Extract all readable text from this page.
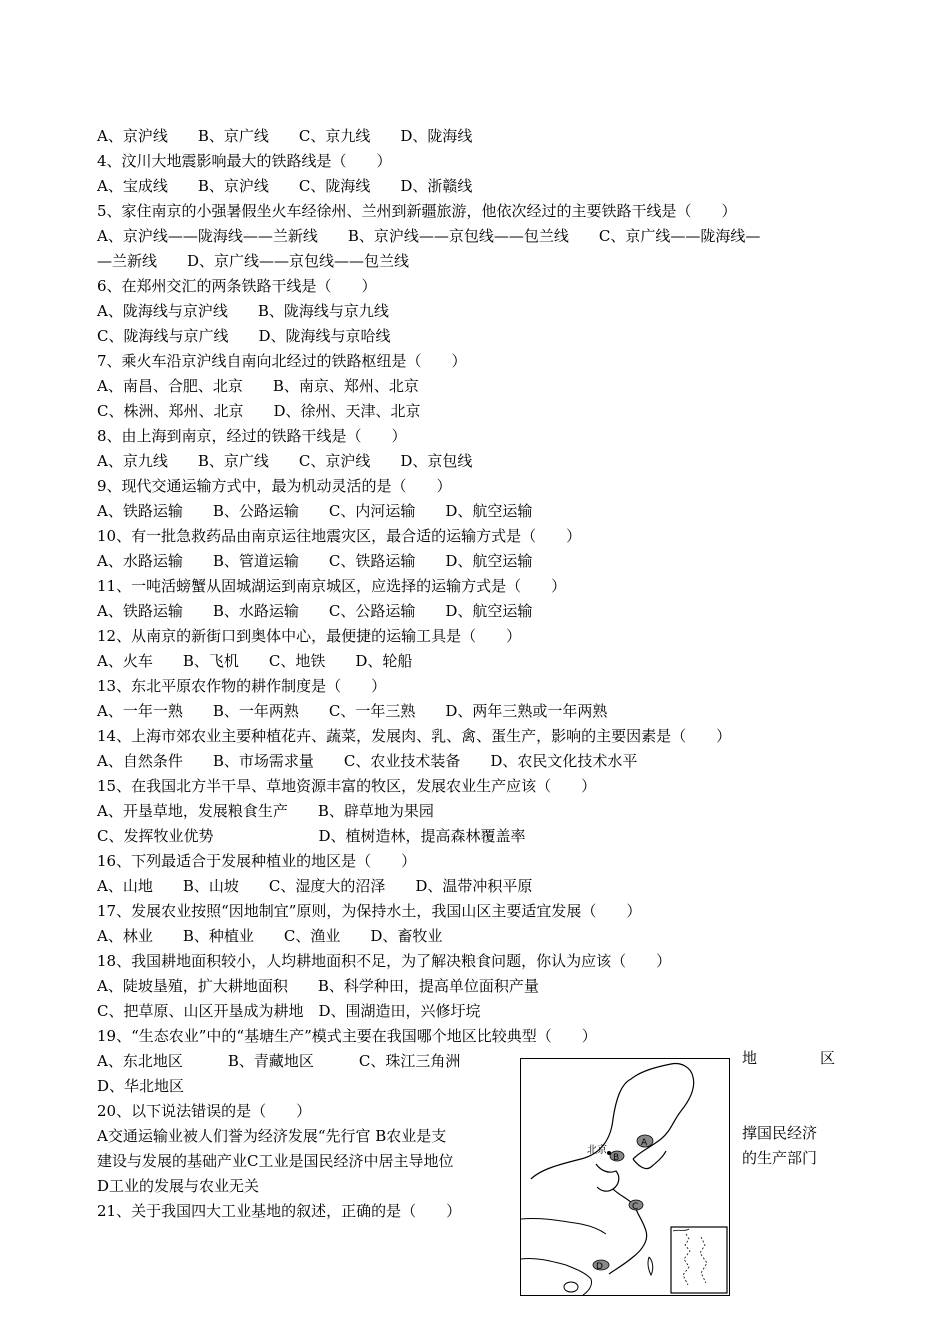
A、京沪线　　B、京广线　　C、京九线　　D、陇海线
4、汶川大地震影响最大的铁路线是（　　）
A、宝成线　　B、京沪线　　C、陇海线　　D、浙赣线
5、家住南京的小强暑假坐火车经徐州、兰州到新疆旅游，他依次经过的主要铁路干线是（　　）
A、京沪线——陇海线——兰新线　　B、京沪线——京包线——包兰线　　C、京广线——陇海线—
—兰新线　　D、京广线——京包线——包兰线
6、在郑州交汇的两条铁路干线是（　　）
A、陇海线与京沪线　　B、陇海线与京九线
C、陇海线与京广线　　D、陇海线与京哈线
7、乘火车沿京沪线自南向北经过的铁路枢纽是（　　）
A、南昌、合肥、北京　　B、南京、郑州、北京
C、株洲、郑州、北京　　D、徐州、天津、北京
8、由上海到南京，经过的铁路干线是（　　）
A、京九线　　B、京广线　　C、京沪线　　D、京包线
9、现代交通运输方式中，最为机动灵活的是（　　）
A、铁路运输　　B、公路运输　　C、内河运输　　D、航空运输
10、有一批急救药品由南京运往地震灾区，最合适的运输方式是（　　）
A、水路运输　　B、管道运输　　C、铁路运输　　D、航空运输
11、一吨活螃蟹从固城湖运到南京城区，应选择的运输方式是（　　）
A、铁路运输　　B、水路运输　　C、公路运输　　D、航空运输
12、从南京的新街口到奥体中心，最便捷的运输工具是（　　）
A、火车　　B、飞机　　C、地铁　　D、轮船
13、东北平原农作物的耕作制度是（　　）
A、一年一熟　　B、一年两熟　　C、一年三熟　　D、两年三熟或一年两熟
14、上海市郊农业主要种植花卉、蔬菜，发展肉、乳、禽、蛋生产，影响的主要因素是（　　）
A、自然条件　　B、市场需求量　　C、农业技术装备　　D、农民文化技术水平
15、在我国北方半干旱、草地资源丰富的牧区，发展农业生产应该（　　）
A、开垦草地，发展粮食生产　　B、辟草地为果园
C、发挥牧业优势　　　　　　　D、植树造林，提高森林覆盖率
16、下列最适合于发展种植业的地区是（　　）
A、山地　　B、山坡　　C、湿度大的沼泽　　D、温带冲积平原
17、发展农业按照“因地制宜”原则，为保持水土，我国山区主要适宜发展（　　）
A、林业　　B、种植业　　C、渔业　　D、畜牧业
18、我国耕地面积较小，人均耕地面积不足，为了解决粮食问题，你认为应该（　　）
A、陡坡垦殖，扩大耕地面积　　B、科学种田，提高单位面积产量
C、把草原、山区开垦成为耕地　D、围湖造田，兴修圩垸
19、“生态农业”中的“基塘生产”模式主要在我国哪个地区比较典型（　　）
A、东北地区　　　B、青藏地区　　　C、珠江三角洲
D、华北地区
20、以下说法错误的是（　　）
A交通运输业被人们誉为经济发展“先行官 B农业是支
建设与发展的基础产业C工业是国民经济中居主导地位
D工业的发展与农业无关
21、关于我国四大工业基地的叙述，正确的是（　　）
地	区
撑国民经济
的生产部门
北京
A
B
C
D
